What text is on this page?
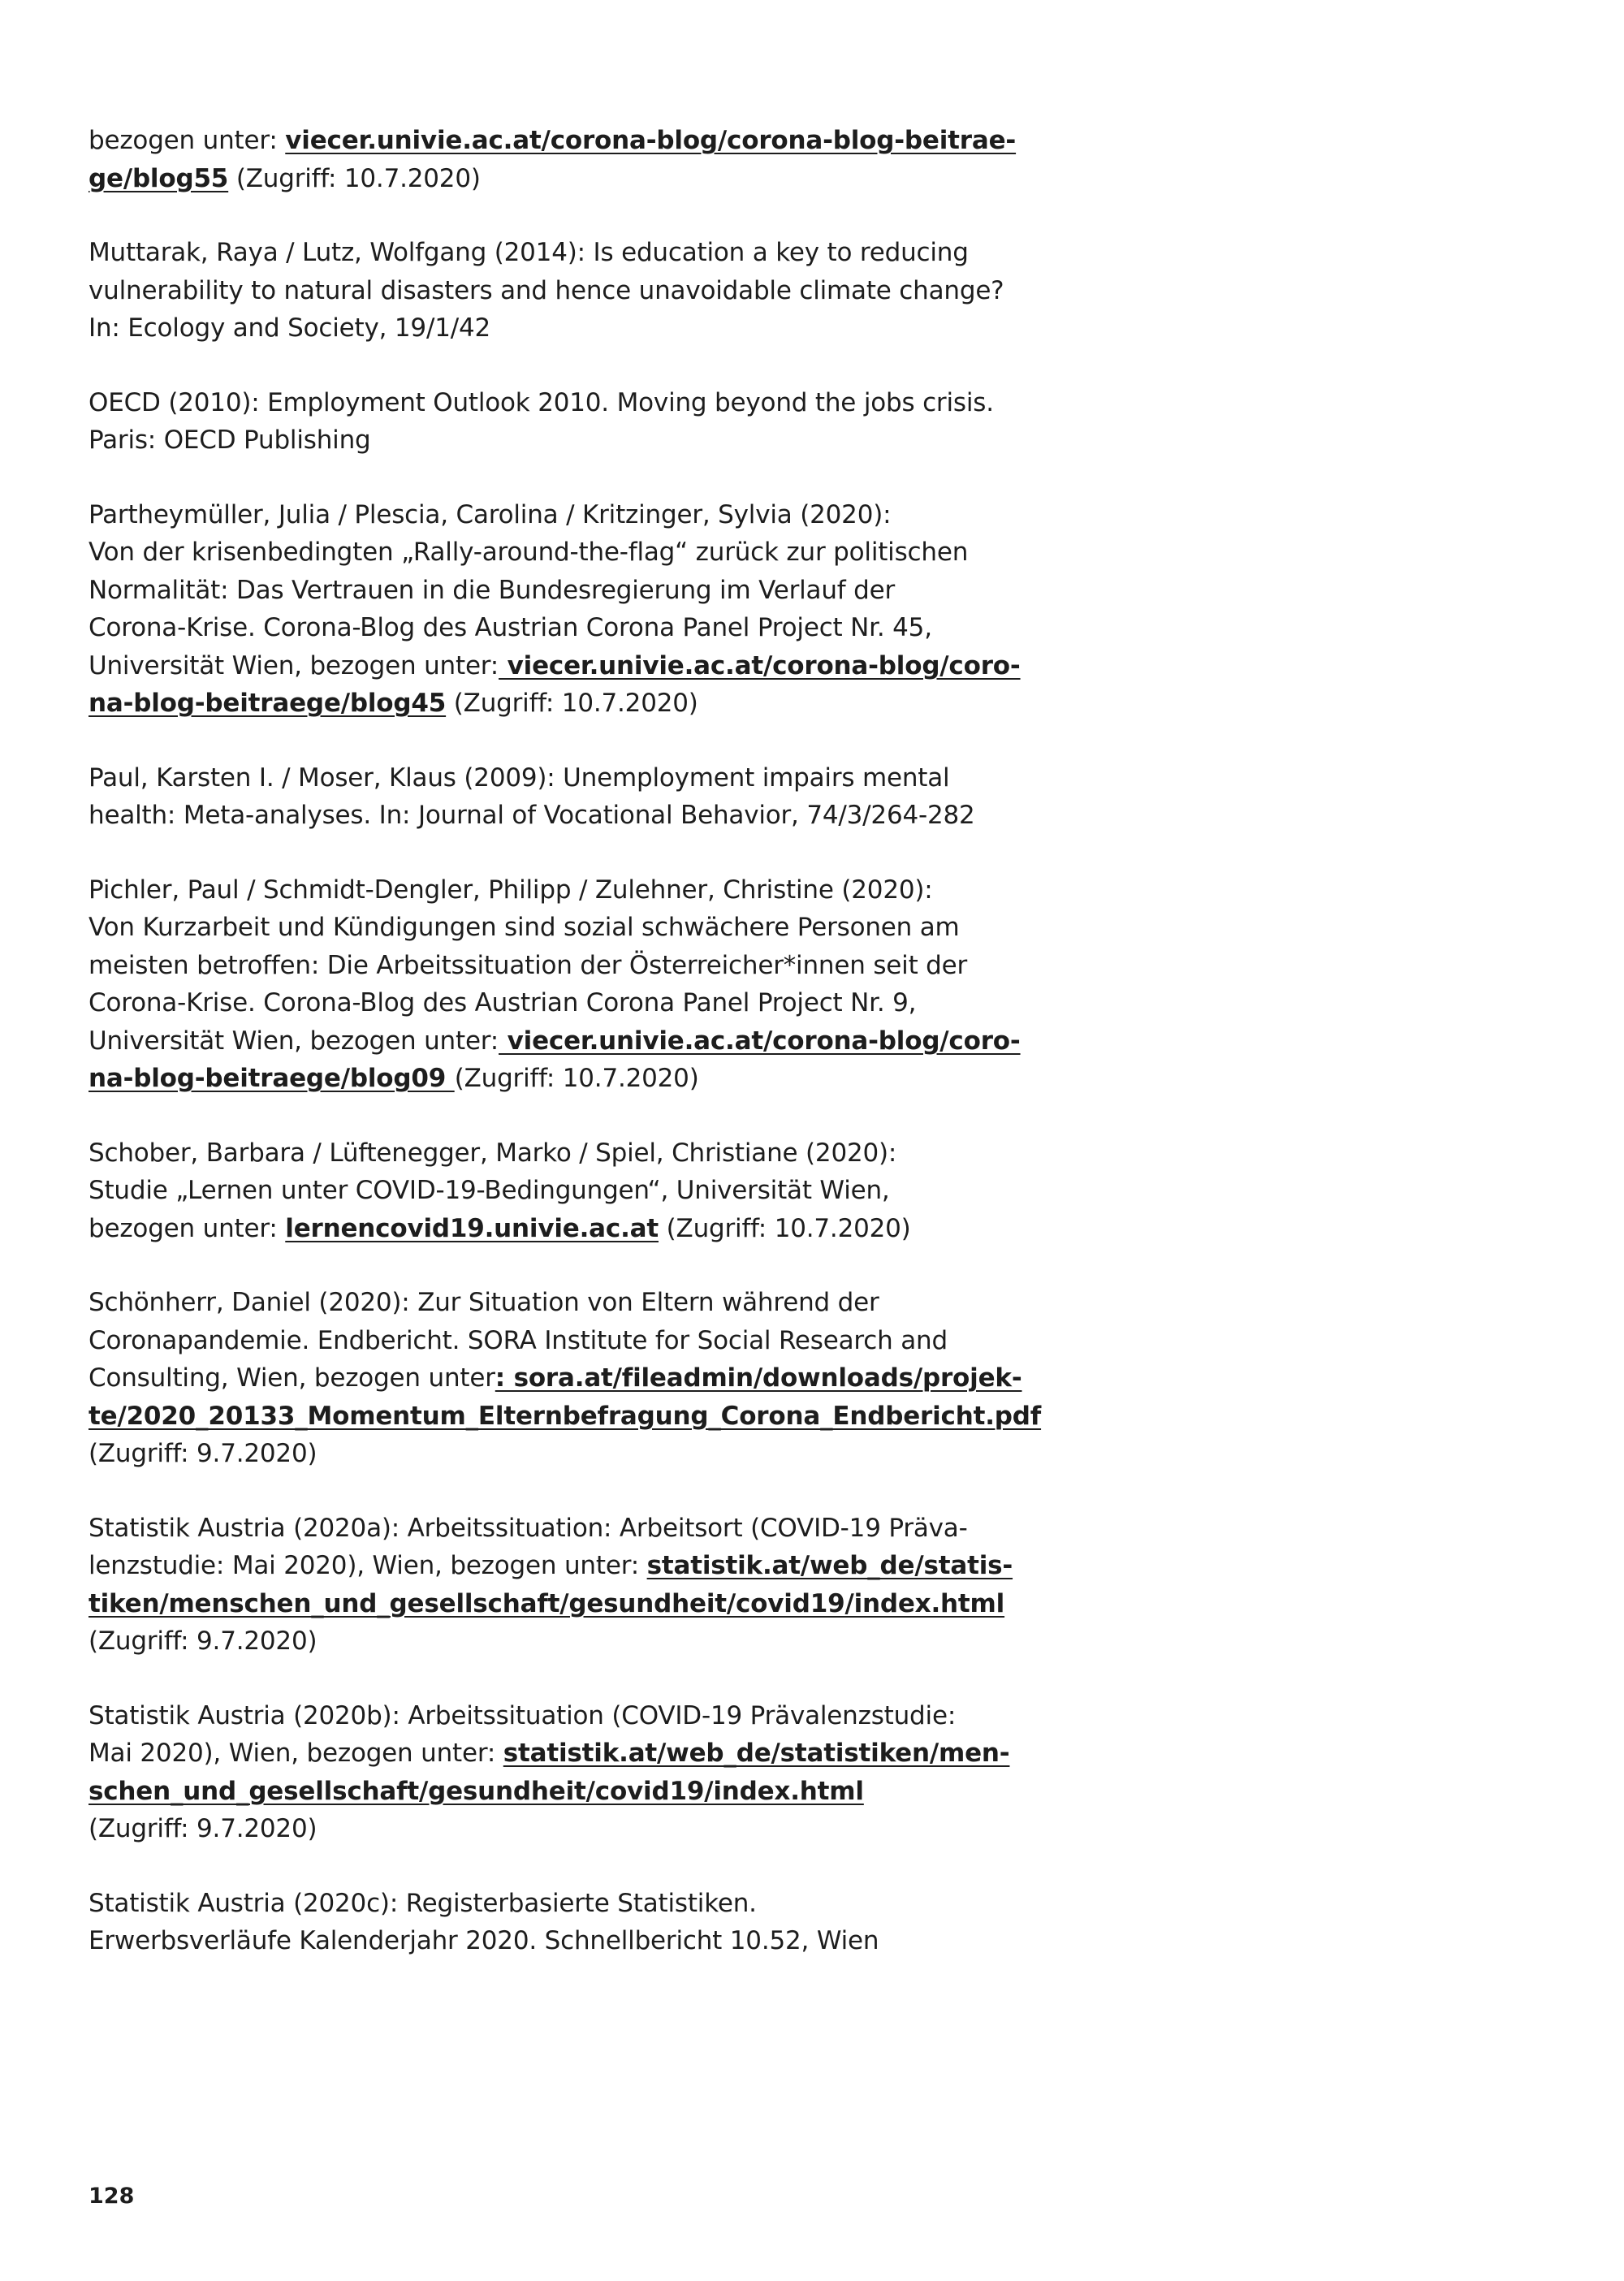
bezogen unter: viecer.univie.ac.at/corona-blog/corona-blog-beitrae-
ge/blog55 (Zugriff: 10.7.2020)
Muttarak, Raya / Lutz, Wolfgang (2014): Is education a key to reducing
vulnerability to natural disasters and hence unavoidable climate change?
In: Ecology and Society, 19/1/42
OECD (2010): Employment Outlook 2010. Moving beyond the jobs crisis.
Paris: OECD Publishing
Partheymüller, Julia / Plescia, Carolina / Kritzinger, Sylvia (2020):
Von der krisenbedingten „Rally-around-the-flag“ zurück zur politischen
Normalität: Das Vertrauen in die Bundesregierung im Verlauf der
Corona-Krise. Corona-Blog des Austrian Corona Panel Project Nr. 45,
Universität Wien, bezogen unter: viecer.univie.ac.at/corona-blog/coro-
na-blog-beitraege/blog45 (Zugriff: 10.7.2020)
Paul, Karsten I. / Moser, Klaus (2009): Unemployment impairs mental
health: Meta-analyses. In: Journal of Vocational Behavior, 74/3/264-282
Pichler, Paul / Schmidt-Dengler, Philipp / Zulehner, Christine (2020):
Von Kurzarbeit und Kündigungen sind sozial schwächere Personen am
meisten betroffen: Die Arbeitssituation der Österreicher*innen seit der
Corona-Krise. Corona-Blog des Austrian Corona Panel Project Nr. 9,
Universität Wien, bezogen unter: viecer.univie.ac.at/corona-blog/coro-
na-blog-beitraege/blog09 (Zugriff: 10.7.2020)
Schober, Barbara / Lüftenegger, Marko / Spiel, Christiane (2020):
Studie „Lernen unter COVID-19-Bedingungen“, Universität Wien,
bezogen unter: lernencovid19.univie.ac.at (Zugriff: 10.7.2020)
Schönherr, Daniel (2020): Zur Situation von Eltern während der
Coronapandemie. Endbericht. SORA Institute for Social Research and
Consulting, Wien, bezogen unter: sora.at/fileadmin/downloads/projek-
te/2020_20133_Momentum_Elternbefragung_Corona_Endbericht.pdf
(Zugriff: 9.7.2020)
Statistik Austria (2020a): Arbeitssituation: Arbeitsort (COVID-19 Präva-
lenzstudie: Mai 2020), Wien, bezogen unter: statistik.at/web_de/statis-
tiken/menschen_und_gesellschaft/gesundheit/covid19/index.html
(Zugriff: 9.7.2020)
Statistik Austria (2020b): Arbeitssituation (COVID-19 Prävalenzstudie:
Mai 2020), Wien, bezogen unter: statistik.at/web_de/statistiken/men-
schen_und_gesellschaft/gesundheit/covid19/index.html
(Zugriff: 9.7.2020)
Statistik Austria (2020c): Registerbasierte Statistiken.
Erwerbsverläufe Kalenderjahr 2020. Schnellbericht 10.52, Wien
128
